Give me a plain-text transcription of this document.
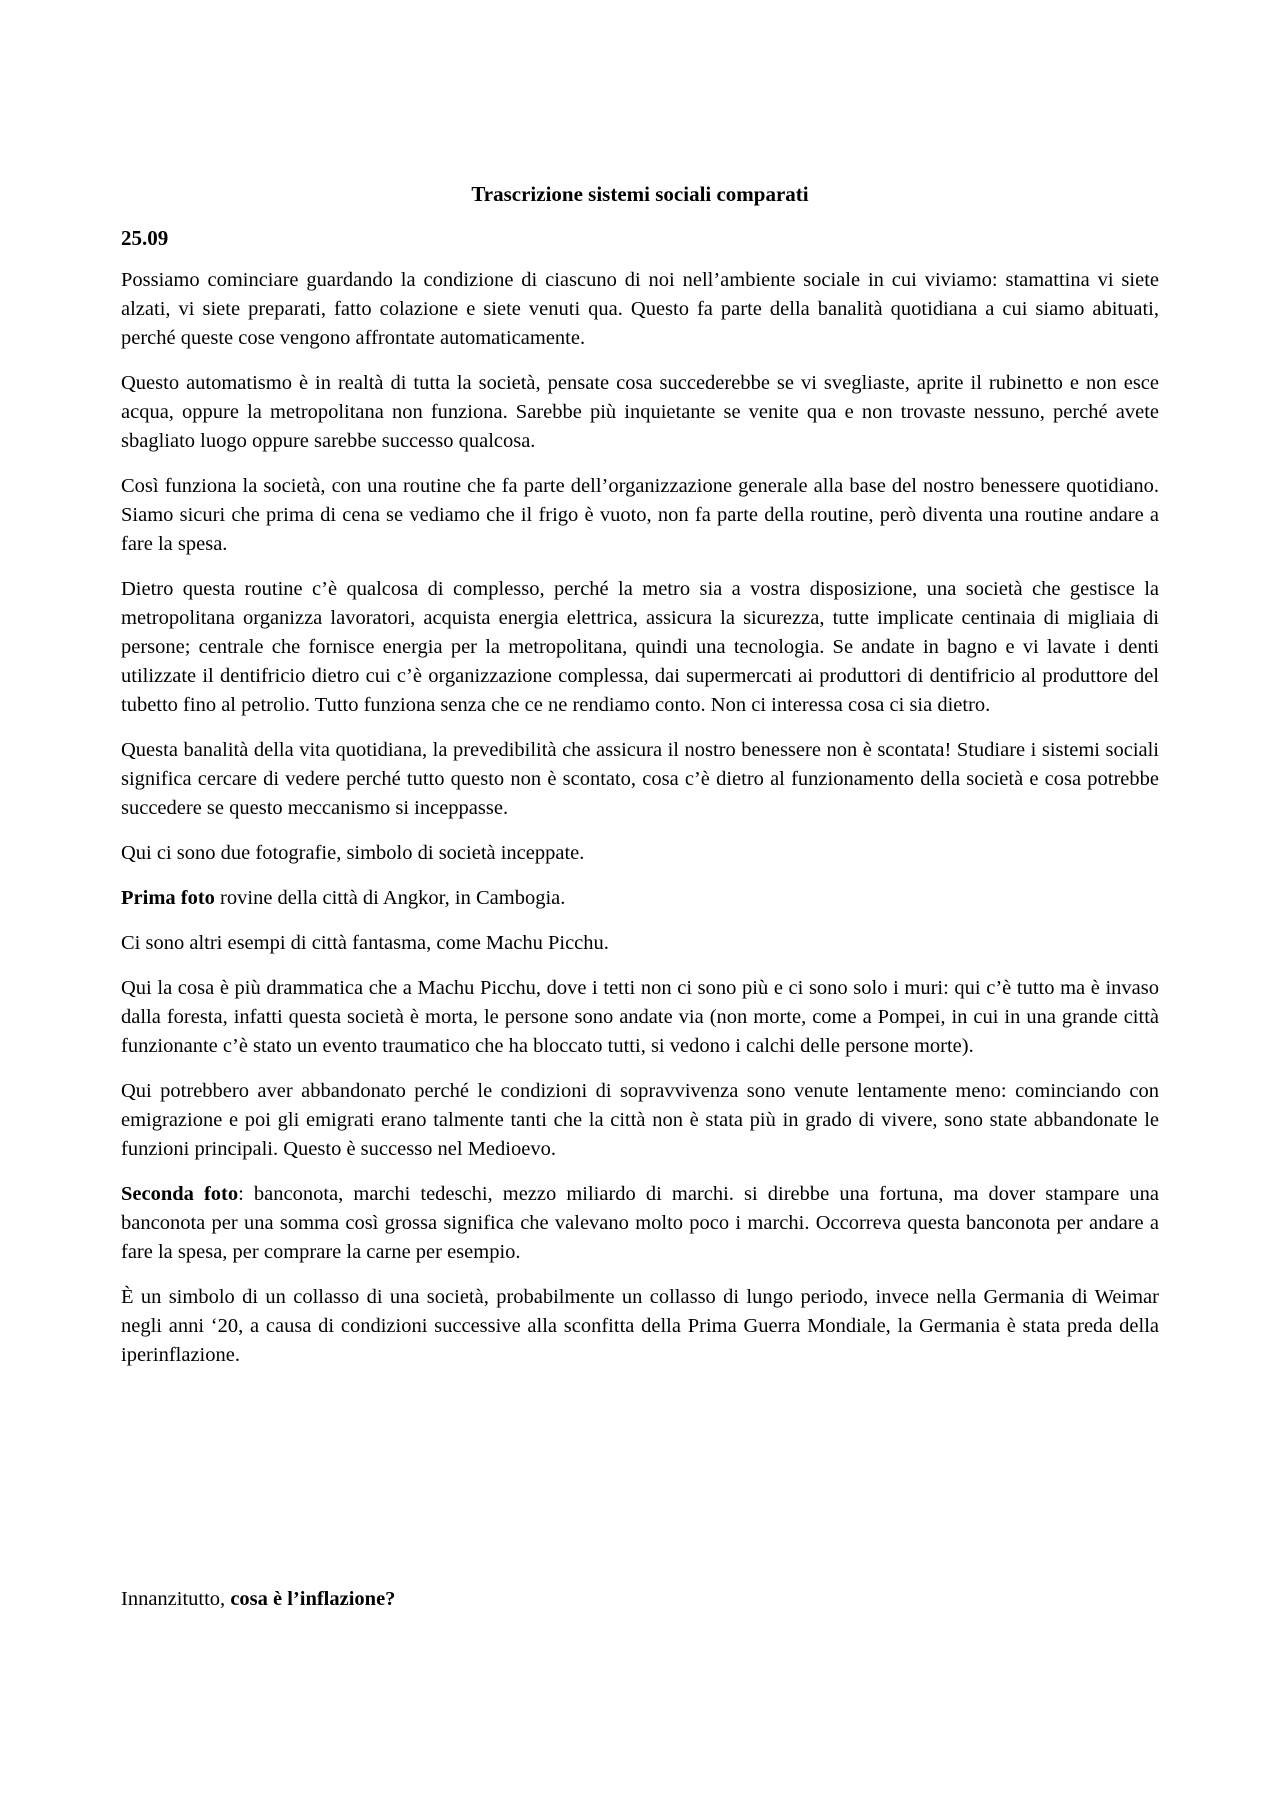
Trascrizione sistemi sociali comparati
25.09

Possiamo cominciare guardando la condizione di ciascuno di noi nell’ambiente sociale in cui viviamo: stamattina vi siete alzati, vi siete preparati, fatto colazione e siete venuti qua. Questo fa parte della banalità quotidiana a cui siamo abituati, perché queste cose vengono affrontate automaticamente.

Questo automatismo è in realtà di tutta la società, pensate cosa succederebbe se vi svegliaste, aprite il rubinetto e non esce acqua, oppure la metropolitana non funziona. Sarebbe più inquietante se venite qua e non trovaste nessuno, perché avete sbagliato luogo oppure sarebbe successo qualcosa.

Così funziona la società, con una routine che fa parte dell’organizzazione generale alla base del nostro benessere quotidiano. Siamo sicuri che prima di cena se vediamo che il frigo è vuoto, non fa parte della routine, però diventa una routine andare a fare la spesa.

Dietro questa routine c’è qualcosa di complesso, perché la metro sia a vostra disposizione, una società che gestisce la metropolitana organizza lavoratori, acquista energia elettrica, assicura la sicurezza, tutte implicate centinaia di migliaia di persone; centrale che fornisce energia per la metropolitana, quindi una tecnologia. Se andate in bagno e vi lavate i denti utilizzate il dentifricio dietro cui c’è organizzazione complessa, dai supermercati ai produttori di dentifricio al produttore del tubetto fino al petrolio. Tutto funziona senza che ce ne rendiamo conto. Non ci interessa cosa ci sia dietro.

Questa banalità della vita quotidiana, la prevedibilità che assicura il nostro benessere non è scontata! Studiare i sistemi sociali significa cercare di vedere perché tutto questo non è scontato, cosa c’è dietro al funzionamento della società e cosa potrebbe succedere se questo meccanismo si inceppasse.

Qui ci sono due fotografie, simbolo di società inceppate.

Prima foto rovine della città di Angkor, in Cambogia.

Ci sono altri esempi di città fantasma, come Machu Picchu.

Qui la cosa è più drammatica che a Machu Picchu, dove i tetti non ci sono più e ci sono solo i muri: qui c’è tutto ma è invaso dalla foresta, infatti questa società è morta, le persone sono andate via (non morte, come a Pompei, in cui in una grande città funzionante c’è stato un evento traumatico che ha bloccato tutti, si vedono i calchi delle persone morte).

Qui potrebbero aver abbandonato perché le condizioni di sopravvivenza sono venute lentamente meno: cominciando con emigrazione e poi gli emigrati erano talmente tanti che la città non è stata più in grado di vivere, sono state abbandonate le funzioni principali. Questo è successo nel Medioevo.

Seconda foto: banconota, marchi tedeschi, mezzo miliardo di marchi. si direbbe una fortuna, ma dover stampare una banconota per una somma così grossa significa che valevano molto poco i marchi. Occorreva questa banconota per andare a fare la spesa, per comprare la carne per esempio.

È un simbolo di un collasso di una società, probabilmente un collasso di lungo periodo, invece nella Germania di Weimar negli anni ‘20, a causa di condizioni successive alla sconfitta della Prima Guerra Mondiale, la Germania è stata preda della iperinflazione.

Innanzitutto, cosa è l’inflazione?
